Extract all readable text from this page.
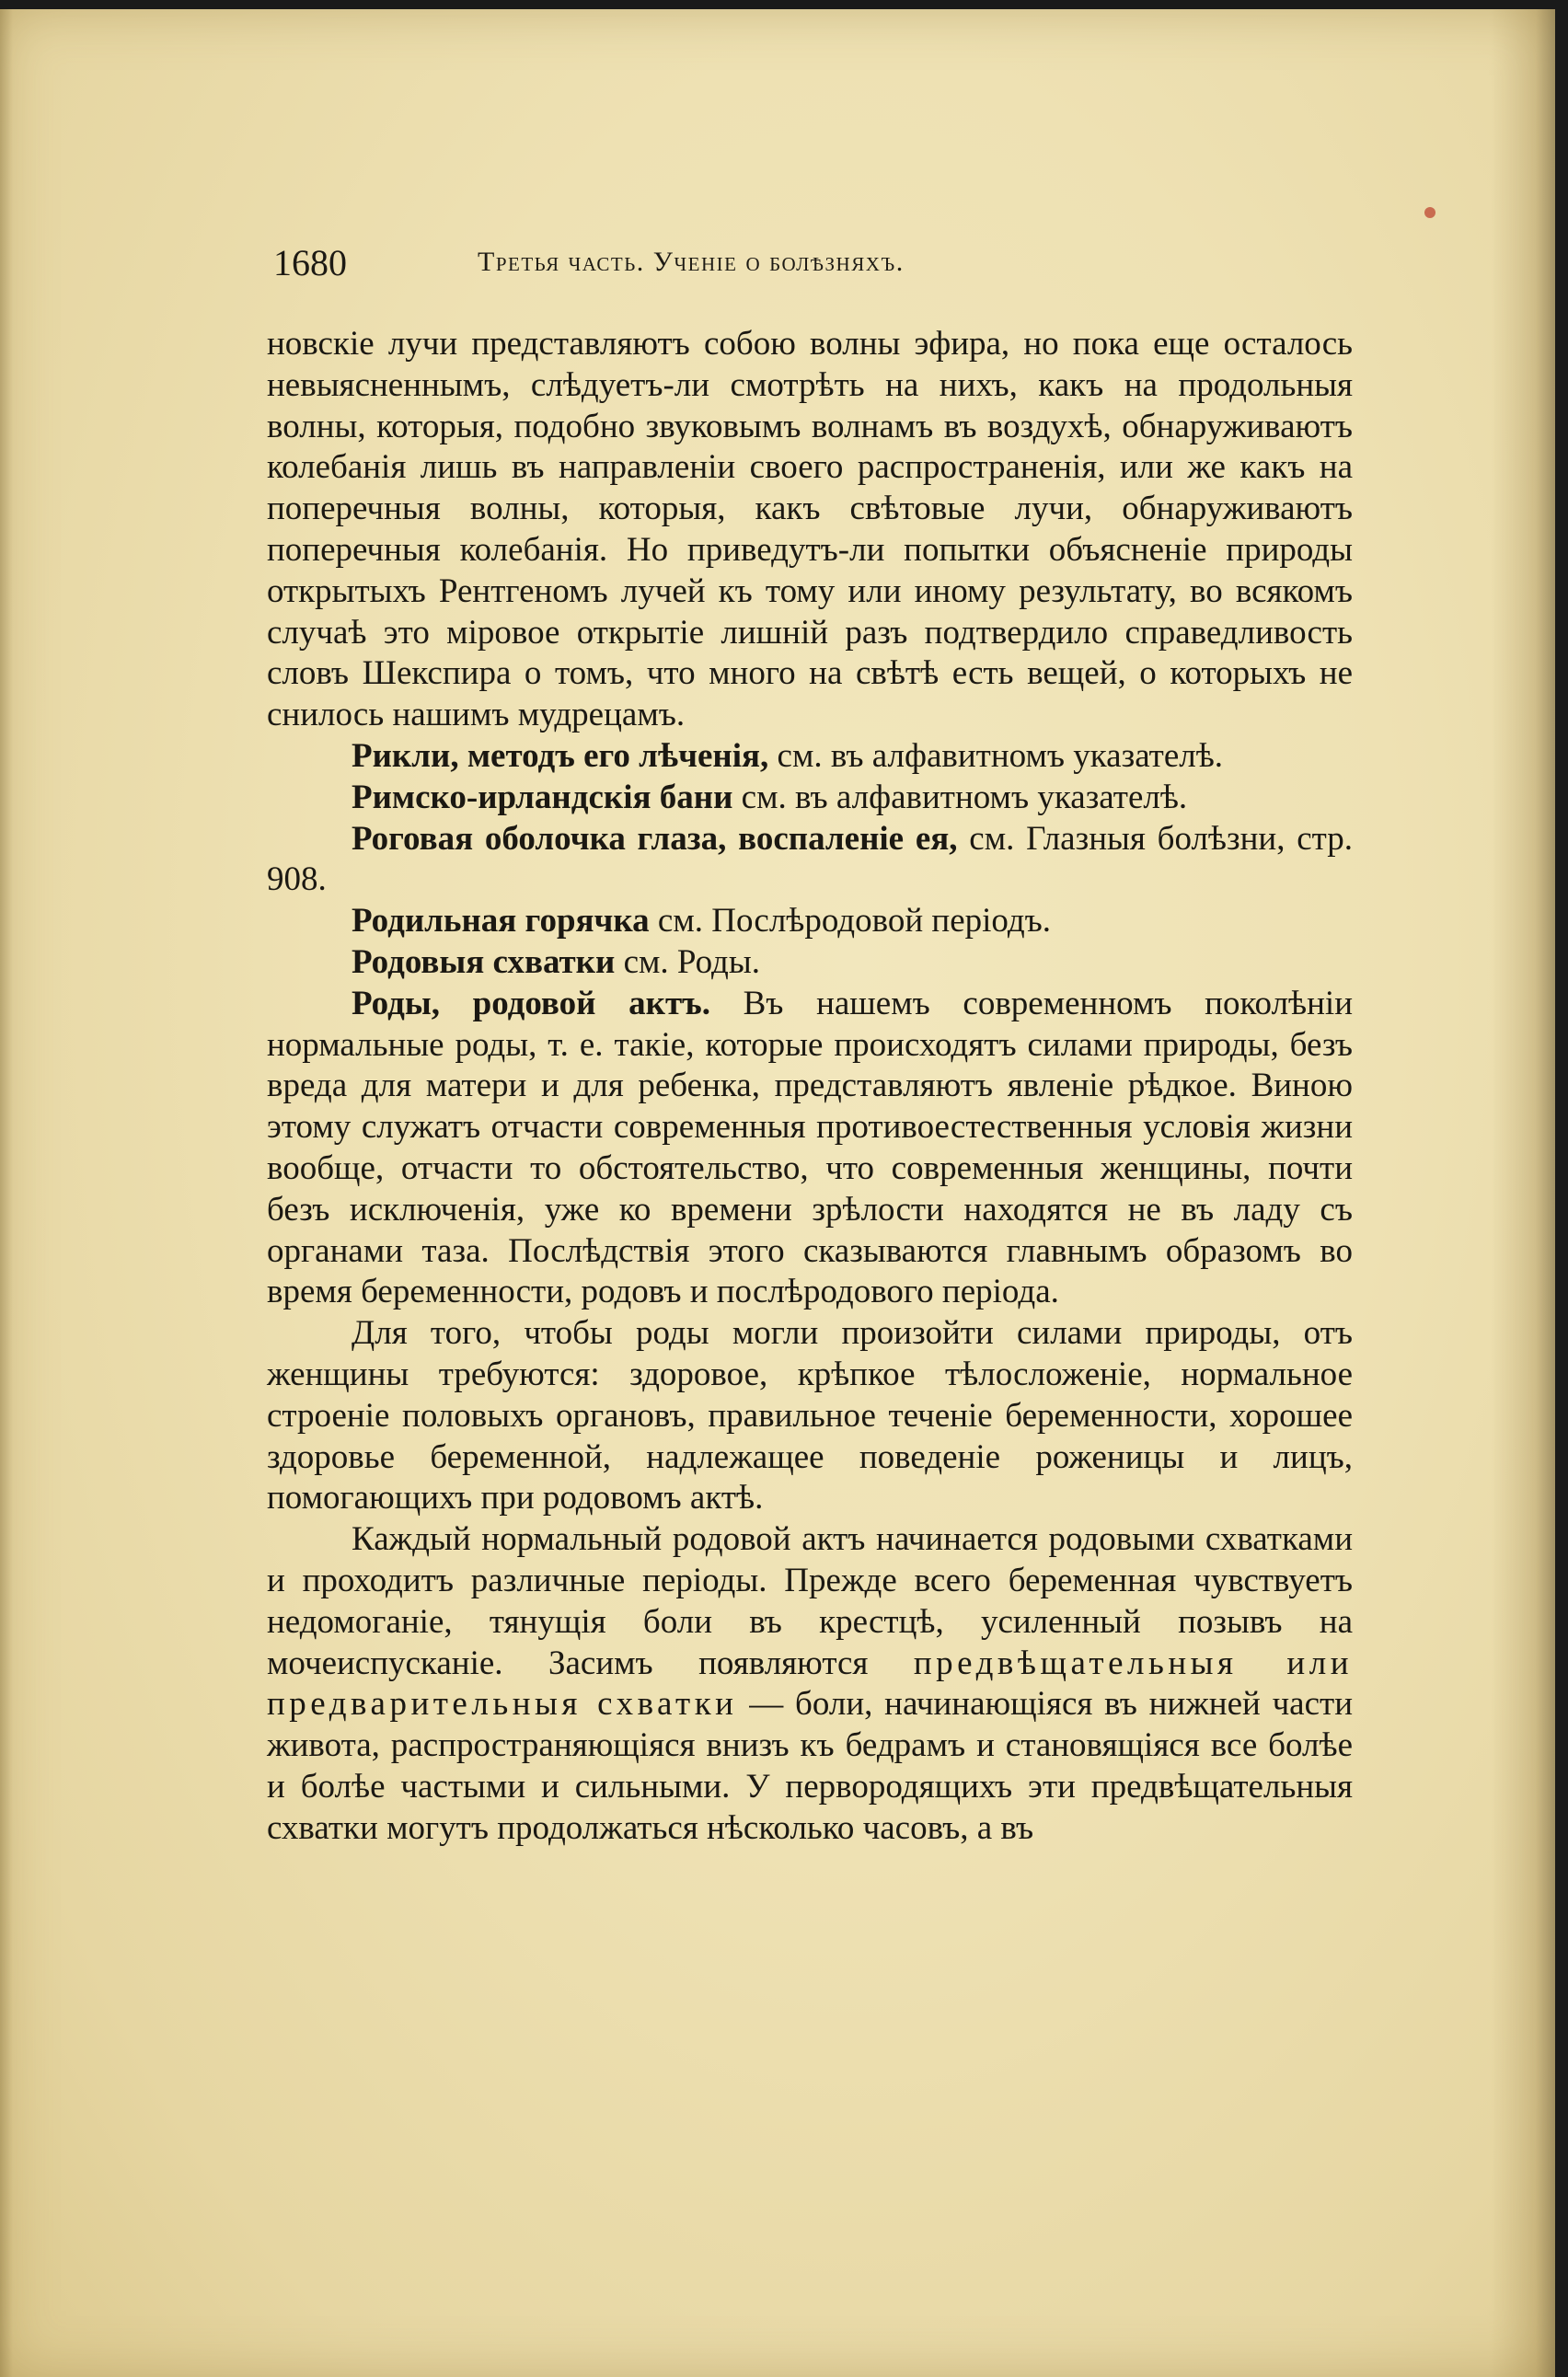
1680	Третья часть. Ученіе о болѣзняхъ.

новскіе лучи представляютъ собою волны эфира, но пока еще осталось невыясненнымъ, слѣдуетъ-ли смотрѣть на нихъ, какъ на продольныя волны, которыя, подобно звуковымъ волнамъ въ воздухѣ, обнаруживаютъ колебанія лишь въ направленіи своего распространенія, или же какъ на поперечныя волны, которыя, какъ свѣтовые лучи, обнаруживаютъ поперечныя колебанія. Но приведутъ-ли попытки объясненіе природы открытыхъ Рентгеномъ лучей къ тому или иному результату, во всякомъ случаѣ это міровое открытіе лишній разъ подтвердило справедливость словъ Шекспира о томъ, что много на свѣтѣ есть вещей, о которыхъ не снилось нашимъ мудрецамъ.

Рикли, методъ его лѣченія, см. въ алфавитномъ указателѣ.

Римско-ирландскія бани см. въ алфавитномъ указателѣ.

Роговая оболочка глаза, воспаленіе ея, см. Глазныя болѣзни, стр. 908.

Родильная горячка см. Послѣродовой періодъ.

Родовыя схватки см. Роды.

Роды, родовой актъ. Въ нашемъ современномъ поколѣніи нормальные роды, т. е. такіе, которые происходятъ силами природы, безъ вреда для матери и для ребенка, представляютъ явленіе рѣдкое. Виною этому служатъ отчасти современныя противоестественныя условія жизни вообще, отчасти то обстоятельство, что современныя женщины, почти безъ исключенія, уже ко времени зрѣлости находятся не въ ладу съ органами таза. Послѣдствія этого сказываются главнымъ образомъ во время беременности, родовъ и послѣродового періода.

Для того, чтобы роды могли произойти силами природы, отъ женщины требуются: здоровое, крѣпкое тѣлосложеніе, нормальное строеніе половыхъ органовъ, правильное теченіе беременности, хорошее здоровье беременной, надлежащее поведеніе роженицы и лицъ, помогающихъ при родовомъ актѣ.

Каждый нормальный родовой актъ начинается родовыми схватками и проходитъ различные періоды. Прежде всего беременная чувствуетъ недомоганіе, тянущія боли въ крестцѣ, усиленный позывъ на мочеиспусканіе. Засимъ появляются предвѣщательныя или предварительныя схватки — боли, начинающіяся въ нижней части живота, распространяющіяся внизъ къ бедрамъ и становящіяся все болѣе и болѣе частыми и сильными. У первородящихъ эти предвѣщательныя схватки могутъ продолжаться нѣсколько часовъ, а въ
